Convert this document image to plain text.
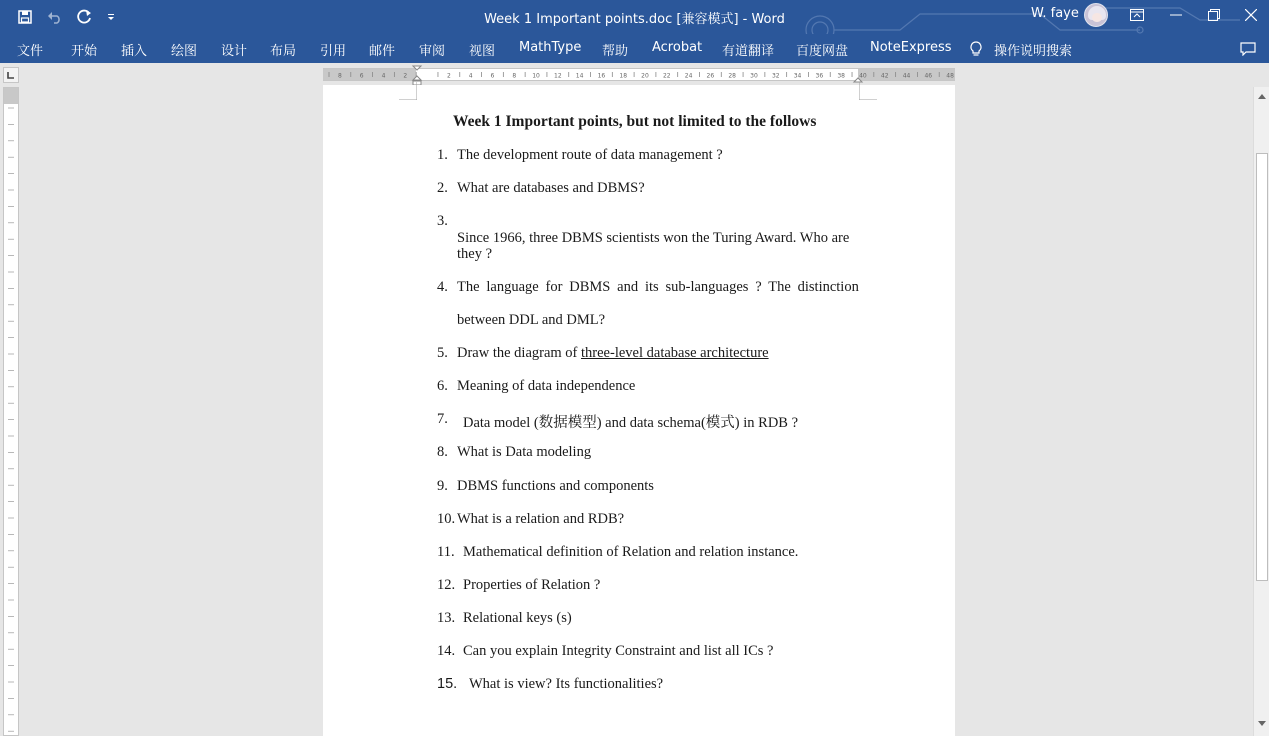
Week 1 Important points.doc [兼容模式] - Word	W. faye
文件 开始 插入 绘图 设计 布局 引用 邮件 审阅 视图 MathType 帮助 Acrobat 有道翻译 百度网盘 NoteExpress	操作说明搜索
8	6	4	2	2	4	6	8	10 12 14 16 18 20 22 24 26 28 30 32 34 36 38 40 42 44 46 48
Week 1 Important points, but not limited to the follows
1. The development route of data management ?
2. What are databases and DBMS?
3.
Since 1966, three DBMS scientists won the Turing Award. Who are
they ?
4. The language for DBMS and its sub-languages ? The distinction
between DDL and DML?
5. Draw the diagram of three-level database architecture
6. Meaning of data independence
7. Data model (数据模型) and data schema(模式) in RDB ?
8. What is Data modeling
9. DBMS functions and components
10. What is a relation and RDB?
11. Mathematical definition of Relation and relation instance.
12. Properties of Relation ?
13. Relational keys (s)
14. Can you explain Integrity Constraint and list all ICs ?
15. What is view? Its functionalities?
